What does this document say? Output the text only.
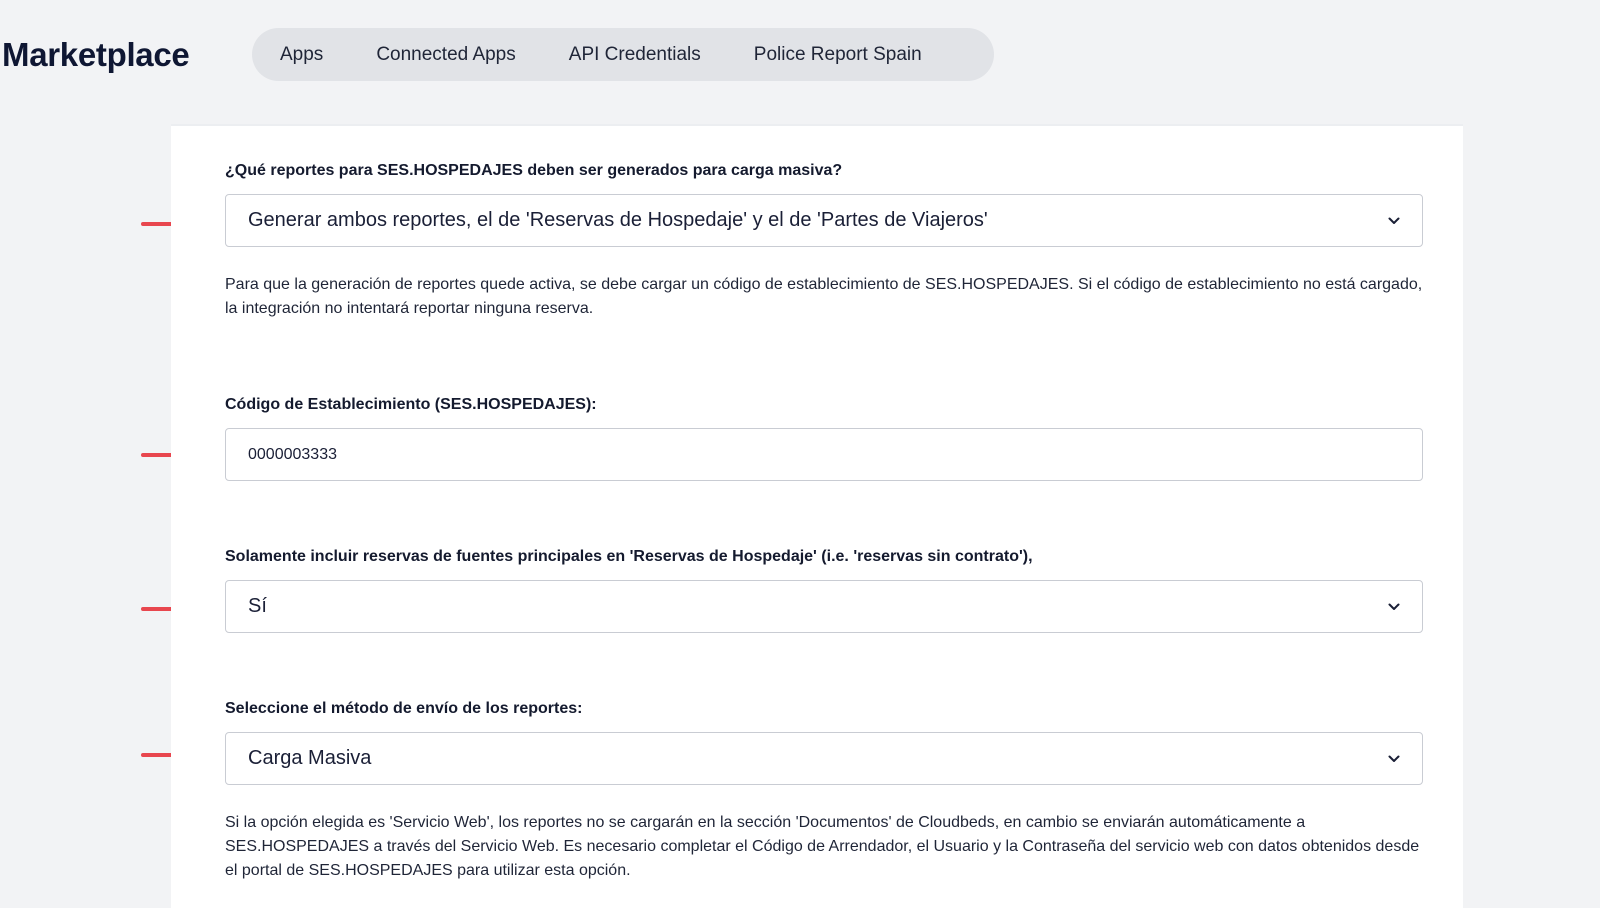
Marketplace	Apps	Connected Apps	API Credentials	Police Report Spain
¿Qué reportes para SES.HOSPEDAJES deben ser generados para carga masiva?
Generar ambos reportes, el de 'Reservas de Hospedaje' y el de 'Partes de Viajeros'
Para que la generación de reportes quede activa, se debe cargar un código de establecimiento de SES.HOSPEDAJES. Si el código de establecimiento no está cargado, la integración no intentará reportar ninguna reserva.
Código de Establecimiento (SES.HOSPEDAJES):
0000003333
Solamente incluir reservas de fuentes principales en 'Reservas de Hospedaje' (i.e. 'reservas sin contrato'),
Sí
Seleccione el método de envío de los reportes:
Carga Masiva
Si la opción elegida es 'Servicio Web', los reportes no se cargarán en la sección 'Documentos' de Cloudbeds, en cambio se enviarán automáticamente a SES.HOSPEDAJES a través del Servicio Web. Es necesario completar el Código de Arrendador, el Usuario y la Contraseña del servicio web con datos obtenidos desde el portal de SES.HOSPEDAJES para utilizar esta opción.
